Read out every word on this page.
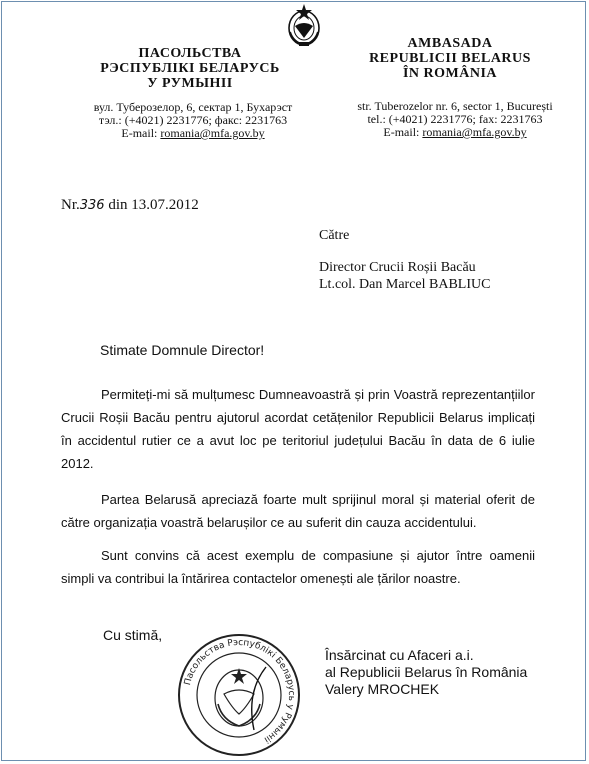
ПАСОЛЬСТВА
РЭСПУБЛІКІ БЕЛАРУСЬ
У РУМЫНІІ
AMBASADA
REPUBLICII BELARUS
ÎN ROMÂNIA
вул. Туберозелор, 6, сектар 1, Бухарэст
тэл.: (+4021) 2231776; факс: 2231763
E-mail: romania@mfa.gov.by
str. Tuberozelor nr. 6, sector 1, București
tel.: (+4021) 2231776; fax: 2231763
E-mail: romania@mfa.gov.by
Nr.336 din 13.07.2012
Către
Director Crucii Roșii Bacău
Lt.col. Dan Marcel BABLIUC
Stimate Domnule Director!

Permiteți-mi să mulțumesc Dumneavoastră și prin Voastră reprezentanțiilor Crucii Roșii Bacău pentru ajutorul acordat cetățenilor Republicii Belarus implicați în accidentul rutier ce a avut loc pe teritoriul județului Bacău în data de 6 iulie 2012.

Partea Belarusă apreciază foarte mult sprijinul moral și material oferit de către organizația voastră belarușilor ce au suferit din cauza accidentului.

Sunt convins că acest exemplu de compasiune și ajutor între oamenii simpli va contribui la întărirea contactelor omenești ale țărilor noastre.

Cu stimă,
Пасольства Рэспублікі Беларусь у Румыніі
Însărcinat cu Afaceri a.i.
al Republicii Belarus în România
Valery MROCHEK
